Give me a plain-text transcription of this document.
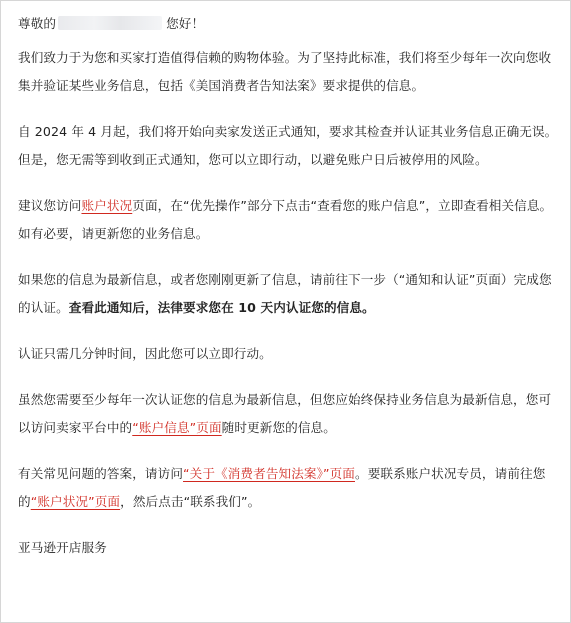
尊敬的	您好！

我们致力于为您和买家打造值得信赖的购物体验。为了坚持此标准，我们将至少每年一次向您收集并验证某些业务信息，包括《美国消费者告知法案》要求提供的信息。

自 2024 年 4 月起，我们将开始向卖家发送正式通知，要求其检查并认证其业务信息正确无误。但是，您无需等到收到正式通知，您可以立即行动，以避免账户日后被停用的风险。

建议您访问账户状况页面，在“优先操作”部分下点击“查看您的账户信息”，立即查看相关信息。如有必要，请更新您的业务信息。

如果您的信息为最新信息，或者您刚刚更新了信息，请前往下一步（“通知和认证”页面）完成您的认证。查看此通知后，法律要求您在 10 天内认证您的信息。

认证只需几分钟时间，因此您可以立即行动。

虽然您需要至少每年一次认证您的信息为最新信息，但您应始终保持业务信息为最新信息，您可以访问卖家平台中的“账户信息”页面随时更新您的信息。

有关常见问题的答案，请访问“关于《消费者告知法案》”页面。要联系账户状况专员，请前往您的“账户状况”页面，然后点击“联系我们”。

亚马逊开店服务
